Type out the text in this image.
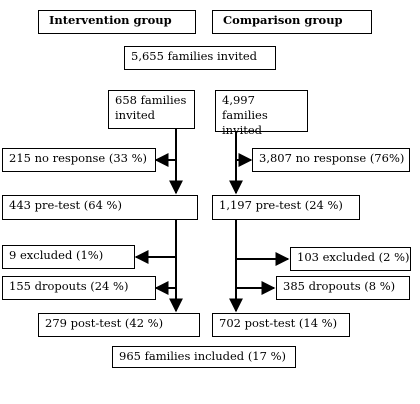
Intervention group	Comparison group
5,655 families invited
658 families invited
4,997 families invited
215 no response (33 %)	3,807 no response (76%)
443 pre-test (64 %)	1,197 pre-test (24 %)
9 excluded (1%)	103 excluded (2 %)
155 dropouts (24 %)	385 dropouts (8 %)
279 post-test (42 %)	702 post-test (14 %)
965 families included (17 %)
